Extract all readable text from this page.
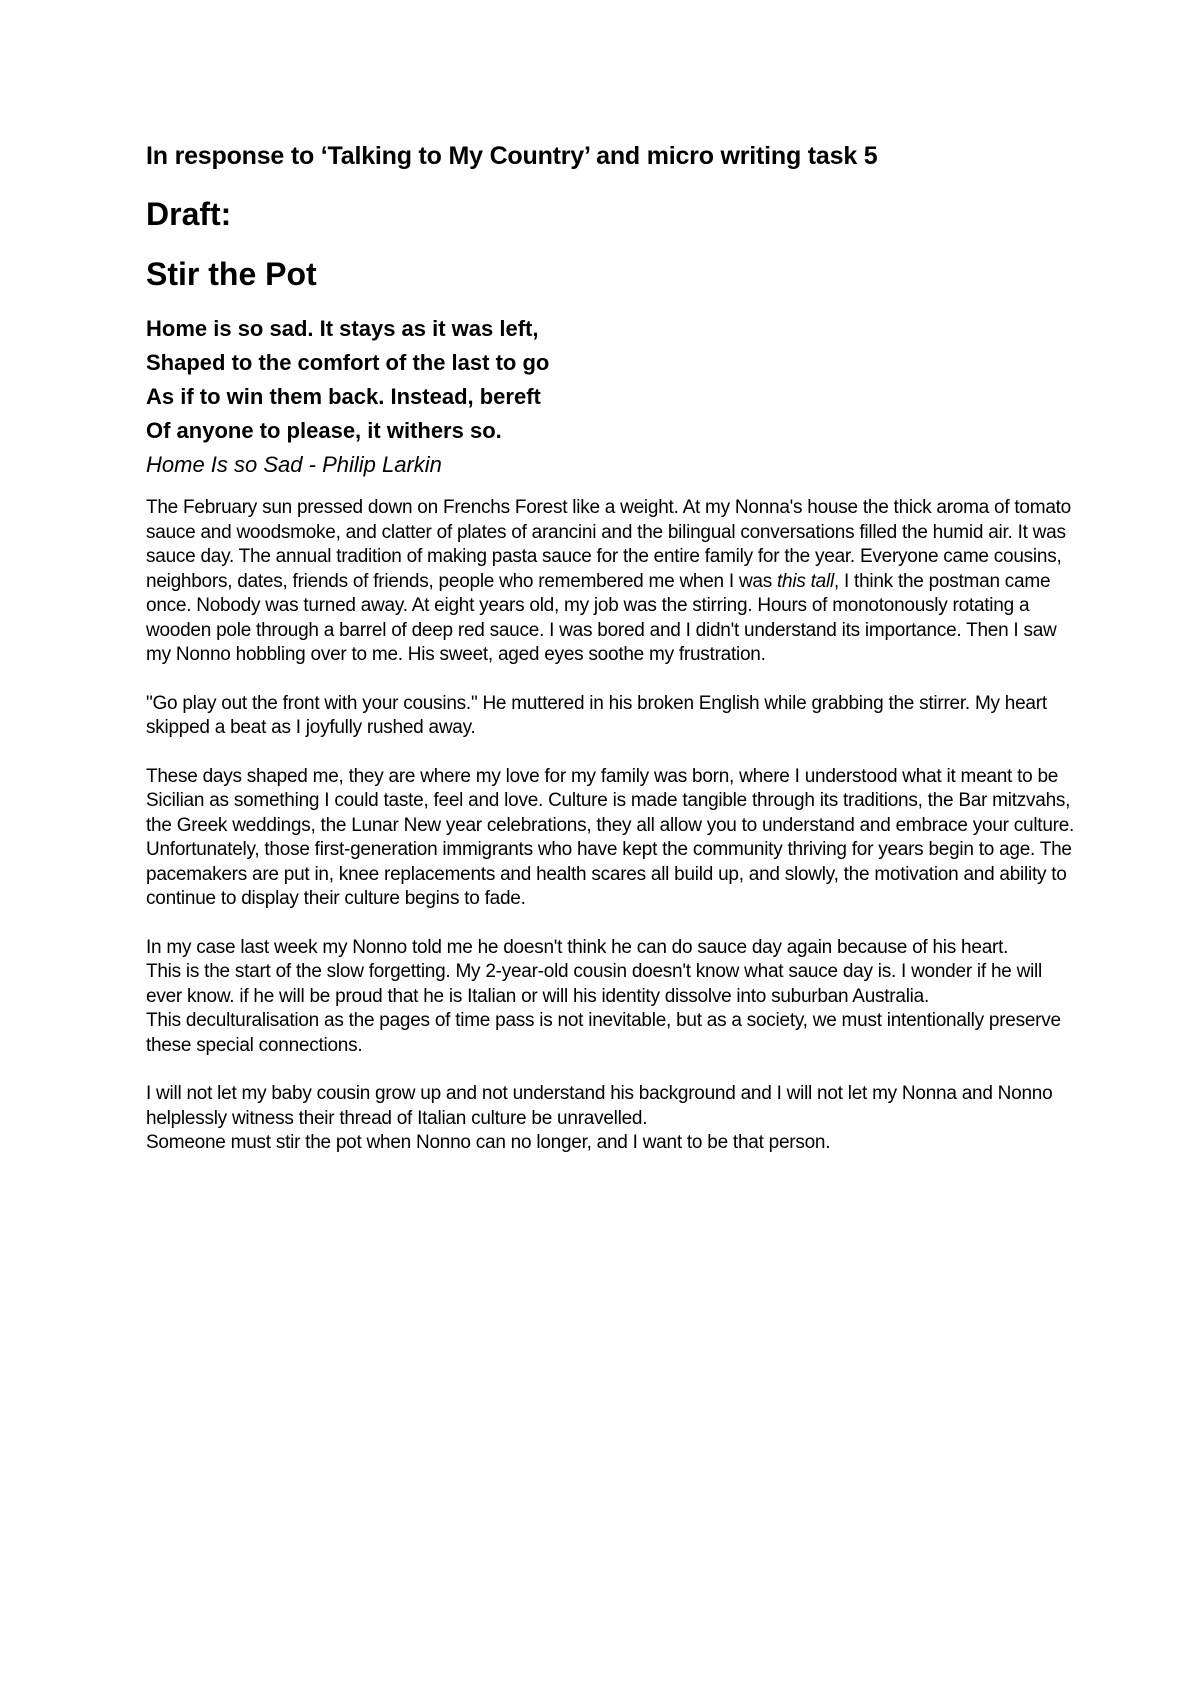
In response to ‘Talking to My Country’ and micro writing task 5
Draft:
Stir the Pot
Home is so sad. It stays as it was left,
Shaped to the comfort of the last to go
As if to win them back. Instead, bereft
Of anyone to please, it withers so.
Home Is so Sad - Philip Larkin

The February sun pressed down on Frenchs Forest like a weight. At my Nonna's house the thick aroma of tomato sauce and woodsmoke, and clatter of plates of arancini and the bilingual conversations filled the humid air. It was sauce day. The annual tradition of making pasta sauce for the entire family for the year. Everyone came cousins, neighbors, dates, friends of friends, people who remembered me when I was this tall, I think the postman came once. Nobody was turned away. At eight years old, my job was the stirring. Hours of monotonously rotating a wooden pole through a barrel of deep red sauce. I was bored and I didn't understand its importance. Then I saw my Nonno hobbling over to me. His sweet, aged eyes soothe my frustration.

"Go play out the front with your cousins." He muttered in his broken English while grabbing the stirrer. My heart skipped a beat as I joyfully rushed away.

These days shaped me, they are where my love for my family was born, where I understood what it meant to be Sicilian as something I could taste, feel and love. Culture is made tangible through its traditions, the Bar mitzvahs, the Greek weddings, the Lunar New year celebrations, they all allow you to understand and embrace your culture. Unfortunately, those first-generation immigrants who have kept the community thriving for years begin to age. The pacemakers are put in, knee replacements and health scares all build up, and slowly, the motivation and ability to continue to display their culture begins to fade.

In my case last week my Nonno told me he doesn't think he can do sauce day again because of his heart.
This is the start of the slow forgetting. My 2-year-old cousin doesn't know what sauce day is. I wonder if he will ever know. if he will be proud that he is Italian or will his identity dissolve into suburban Australia.
This deculturalisation as the pages of time pass is not inevitable, but as a society, we must intentionally preserve these special connections.
I will not let my baby cousin grow up and not understand his background and I will not let my Nonna and Nonno helplessly witness their thread of Italian culture be unravelled.
Someone must stir the pot when Nonno can no longer, and I want to be that person.
